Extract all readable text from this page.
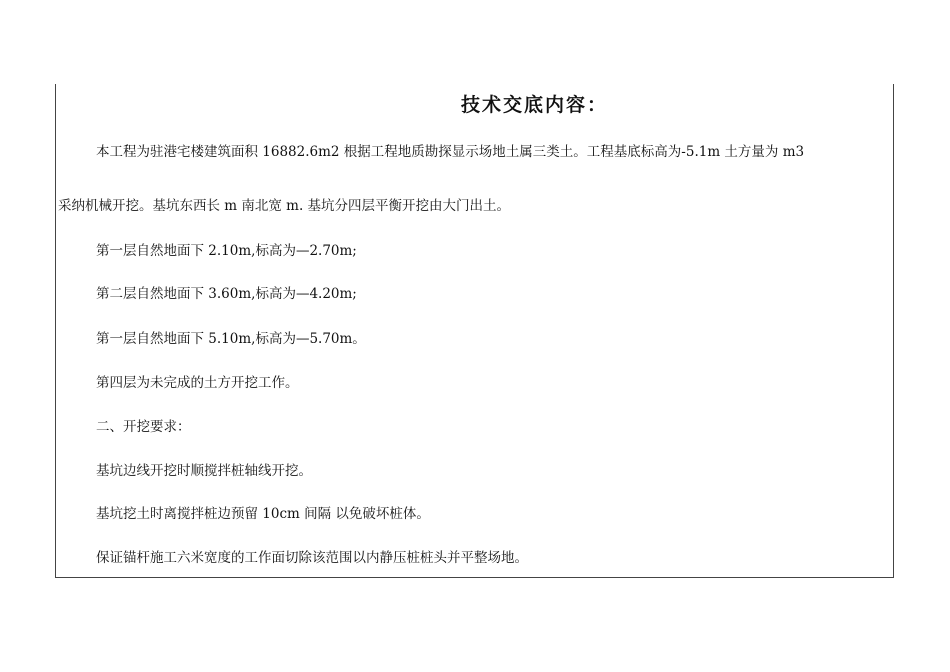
技术交底内容：
本工程为驻港宅楼建筑面积 16882.6m2 根据工程地质勘探显示场地土属三类土。工程基底标高为-5.1m 土方量为 m3
采纳机械开挖。基坑东西长 m 南北宽 m. 基坑分四层平衡开挖由大门出土。
第一层自然地面下 2.10m,标高为—2.70m;
第二层自然地面下 3.60m,标高为—4.20m;
第一层自然地面下 5.10m,标高为—5.70m。
第四层为未完成的土方开挖工作。
二、开挖要求：
基坑边线开挖时顺搅拌桩轴线开挖。
基坑挖土时离搅拌桩边预留 10cm 间隔 以免破坏桩体。
保证锚杆施工六米宽度的工作面切除该范围以内静压桩桩头并平整场地。
